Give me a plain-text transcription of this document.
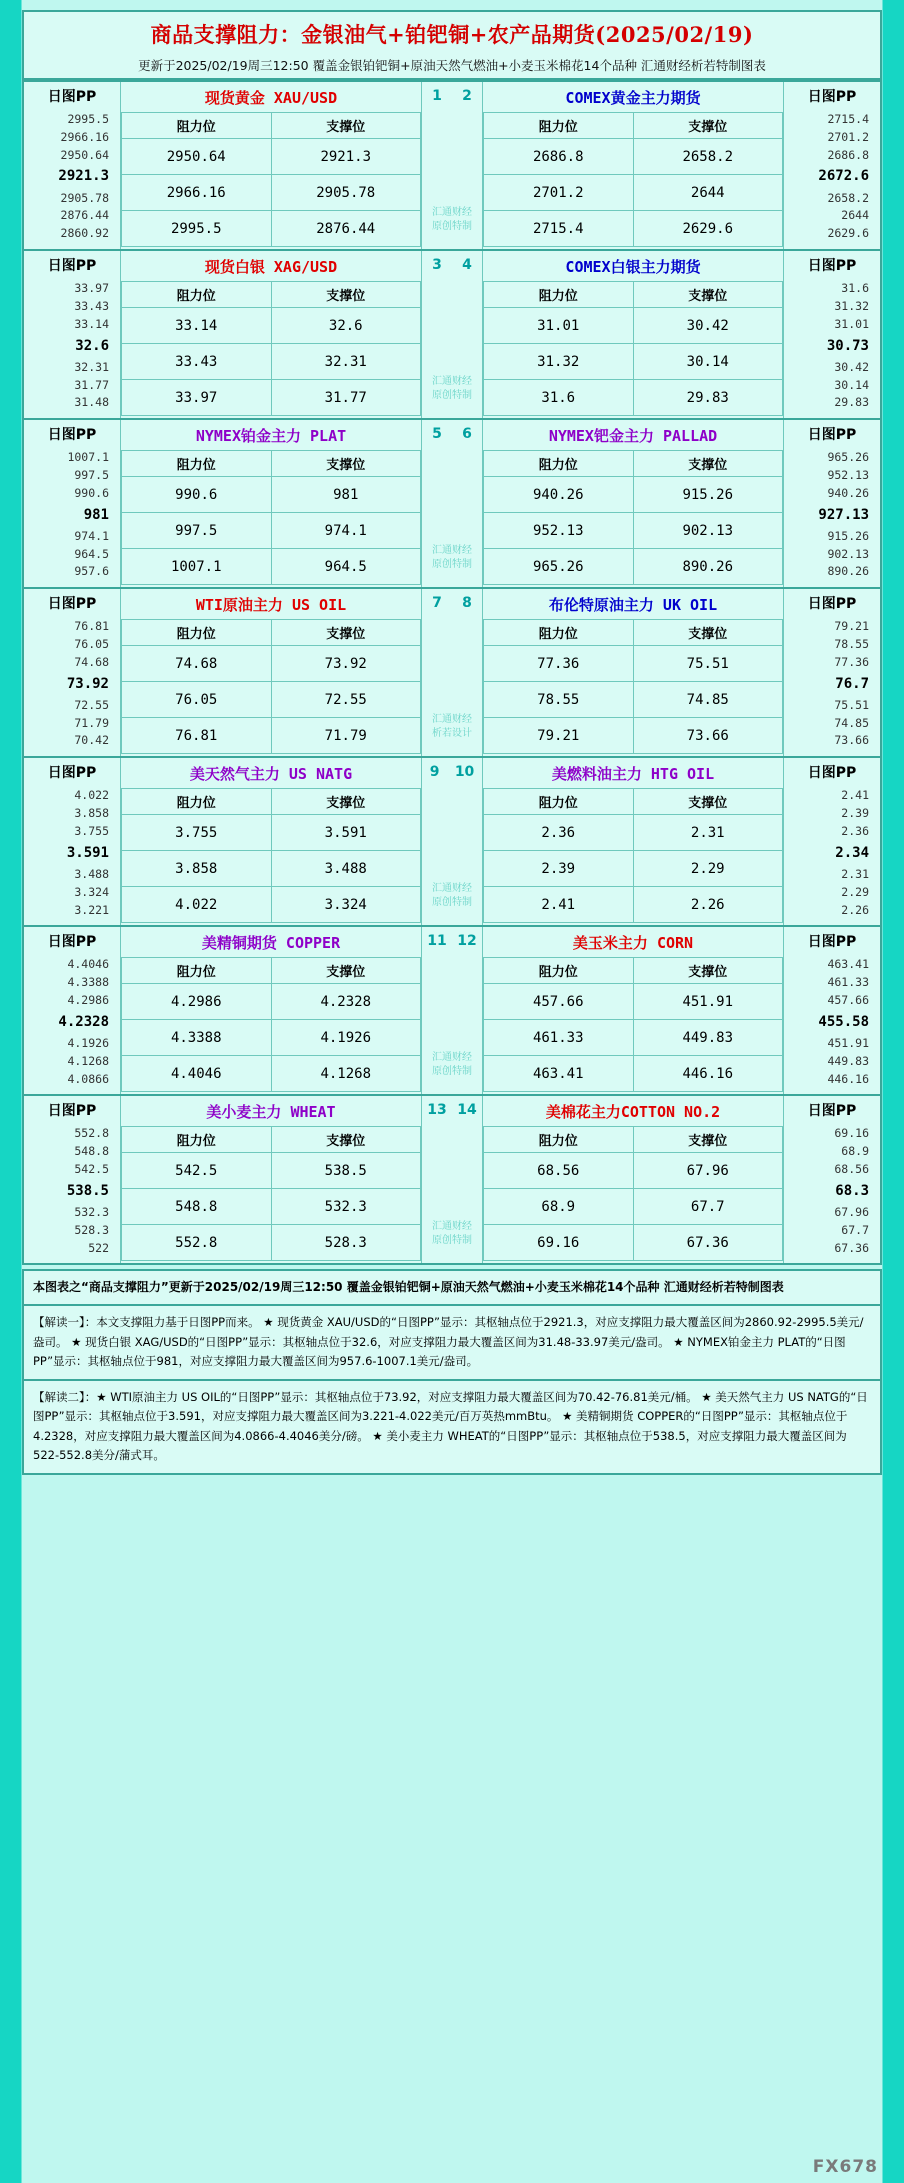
商品支撑阻力：金银油气+铂钯铜+农产品期货(2025/02/19)
更新于2025/02/19周三12:50 覆盖金银铂钯铜+原油天然气燃油+小麦玉米棉花14个品种 汇通财经析若特制图表
日图PP
2995.5
2966.16
2950.64
2921.3
2905.78
2876.44
2860.92
现货黄金 XAU/USD
阻力位	支撑位
2950.64	2921.3
2966.16	2905.78
2995.5	2876.44
1 2
汇通财经
原创特制
COMEX黄金主力期货
阻力位	支撑位
2686.8	2658.2
2701.2	2644
2715.4	2629.6
日图PP
2715.4
2701.2
2686.8
2672.6
2658.2
2644
2629.6
日图PP
33.97
33.43
33.14
32.6
32.31
31.77
31.48
现货白银 XAG/USD
阻力位	支撑位
33.14	32.6
33.43	32.31
33.97	31.77
3 4
汇通财经
原创特制
COMEX白银主力期货
阻力位	支撑位
31.01	30.42
31.32	30.14
31.6	29.83
日图PP
31.6
31.32
31.01
30.73
30.42
30.14
29.83
日图PP
1007.1
997.5
990.6
981
974.1
964.5
957.6
NYMEX铂金主力 PLAT
阻力位	支撑位
990.6	981
997.5	974.1
1007.1	964.5
5 6
汇通财经
原创特制
NYMEX钯金主力 PALLAD
阻力位	支撑位
940.26	915.26
952.13	902.13
965.26	890.26
日图PP
965.26
952.13
940.26
927.13
915.26
902.13
890.26
日图PP
76.81
76.05
74.68
73.92
72.55
71.79
70.42
WTI原油主力 US OIL
阻力位	支撑位
74.68	73.92
76.05	72.55
76.81	71.79
7 8
汇通财经
析若设计
布伦特原油主力 UK OIL
阻力位	支撑位
77.36	75.51
78.55	74.85
79.21	73.66
日图PP
79.21
78.55
77.36
76.7
75.51
74.85
73.66
日图PP
4.022
3.858
3.755
3.591
3.488
3.324
3.221
美天然气主力 US NATG
阻力位	支撑位
3.755	3.591
3.858	3.488
4.022	3.324
9 10
汇通财经
原创特制
美燃料油主力 HTG OIL
阻力位	支撑位
2.36	2.31
2.39	2.29
2.41	2.26
日图PP
2.41
2.39
2.36
2.34
2.31
2.29
2.26
日图PP
4.4046
4.3388
4.2986
4.2328
4.1926
4.1268
4.0866
美精铜期货 COPPER
阻力位	支撑位
4.2986	4.2328
4.3388	4.1926
4.4046	4.1268
11 12
汇通财经
原创特制
美玉米主力 CORN
阻力位	支撑位
457.66	451.91
461.33	449.83
463.41	446.16
日图PP
463.41
461.33
457.66
455.58
451.91
449.83
446.16
日图PP
552.8
548.8
542.5
538.5
532.3
528.3
522
美小麦主力 WHEAT
阻力位	支撑位
542.5	538.5
548.8	532.3
552.8	528.3
13 14
汇通财经
原创特制
美棉花主力COTTON NO.2
阻力位	支撑位
68.56	67.96
68.9	67.7
69.16	67.36
日图PP
69.16
68.9
68.56
68.3
67.96
67.7
67.36
本图表之“商品支撑阻力”更新于2025/02/19周三12:50 覆盖金银铂钯铜+原油天然气燃油+小麦玉米棉花14个品种 汇通财经析若特制图表
【解读一】：本文支撑阻力基于日图PP而来。 ★ 现货黄金 XAU/USD的“日图PP”显示：其枢轴点位于2921.3，对应支撑阻力最大覆盖区间为2860.92-2995.5美元/盎司。 ★ 现货白银 XAG/USD的“日图PP”显示：其枢轴点位于32.6，对应支撑阻力最大覆盖区间为31.48-33.97美元/盎司。 ★ NYMEX铂金主力 PLAT的“日图PP”显示：其枢轴点位于981，对应支撑阻力最大覆盖区间为957.6-1007.1美元/盎司。
【解读二】：★ WTI原油主力 US OIL的“日图PP”显示：其枢轴点位于73.92，对应支撑阻力最大覆盖区间为70.42-76.81美元/桶。 ★ 美天然气主力 US NATG的“日图PP”显示：其枢轴点位于3.591，对应支撑阻力最大覆盖区间为3.221-4.022美元/百万英热mmBtu。 ★ 美精铜期货 COPPER的“日图PP”显示：其枢轴点位于4.2328，对应支撑阻力最大覆盖区间为4.0866-4.4046美分/磅。 ★ 美小麦主力 WHEAT的“日图PP”显示：其枢轴点位于538.5，对应支撑阻力最大覆盖区间为522-552.8美分/蒲式耳。
FX678
